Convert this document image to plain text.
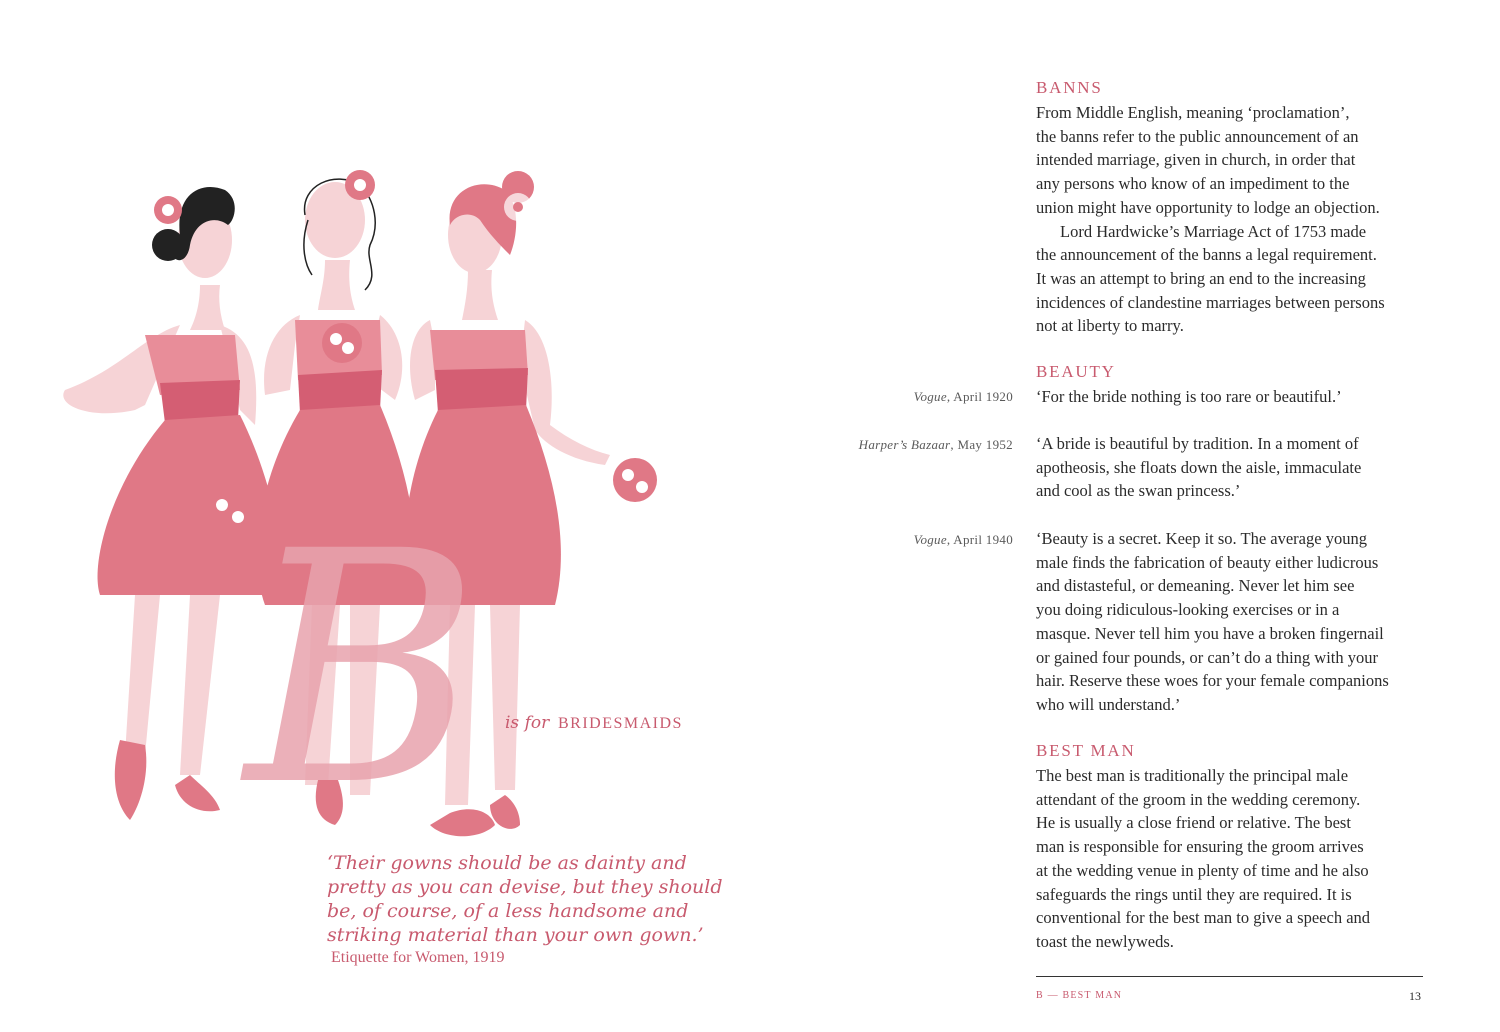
B is for BRIDESMAIDS
‘Their gowns should be as dainty and
pretty as you can devise, but they should
be, of course, of a less handsome and
striking material than your own gown.’
Etiquette for Women, 1919
BANNS
From Middle English, meaning ‘proclamation’,
the banns refer to the public announcement of an
intended marriage, given in church, in order that
any persons who know of an impediment to the
union might have opportunity to lodge an objection.
Lord Hardwicke’s Marriage Act of 1753 made
the announcement of the banns a legal requirement.
It was an attempt to bring an end to the increasing
incidences of clandestine marriages between persons
not at liberty to marry.
BEAUTY
Vogue, April 1920 ‘For the bride nothing is too rare or beautiful.’
Harper’s Bazaar, May 1952 ‘A bride is beautiful by tradition. In a moment of
apotheosis, she floats down the aisle, immaculate
and cool as the swan princess.’
Vogue, April 1940 ‘Beauty is a secret. Keep it so. The average young
male finds the fabrication of beauty either ludicrous
and distasteful, or demeaning. Never let him see
you doing ridiculous-looking exercises or in a
masque. Never tell him you have a broken fingernail
or gained four pounds, or can’t do a thing with your
hair. Reserve these woes for your female companions
who will understand.’
BEST MAN
The best man is traditionally the principal male
attendant of the groom in the wedding ceremony.
He is usually a close friend or relative. The best
man is responsible for ensuring the groom arrives
at the wedding venue in plenty of time and he also
safeguards the rings until they are required. It is
conventional for the best man to give a speech and
toast the newlyweds.
B — BEST MAN	13
